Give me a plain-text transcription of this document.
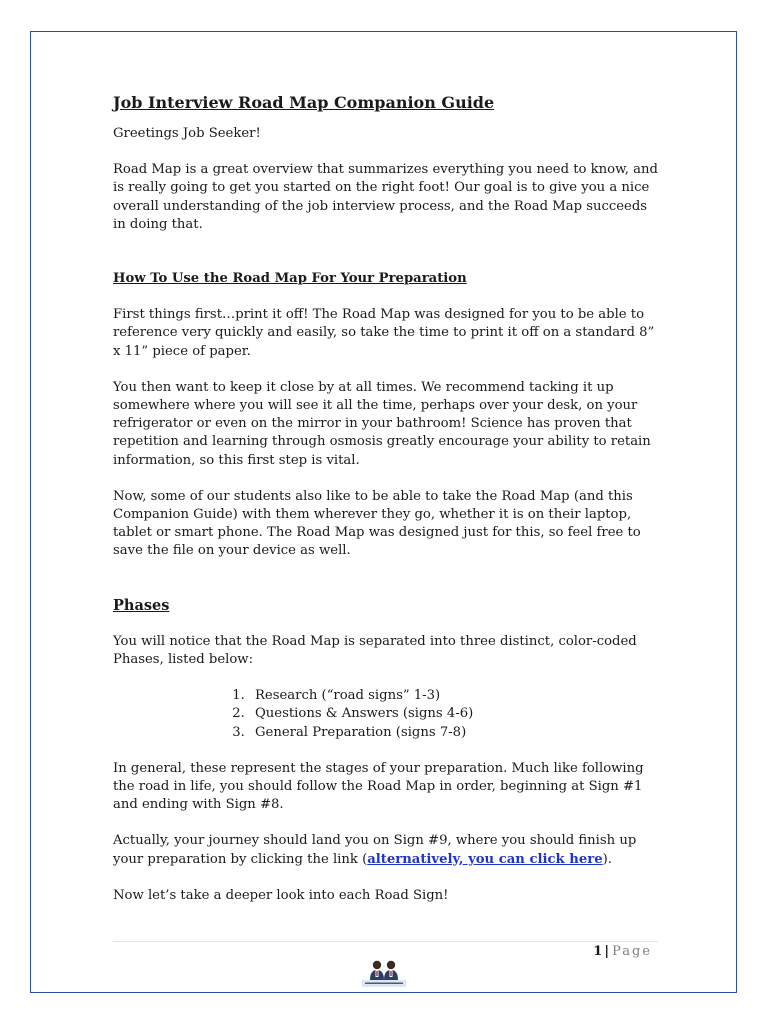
Job Interview Road Map Companion Guide
Greetings Job Seeker!
Road Map is a great overview that summarizes everything you need to know, and is really going to get you started on the right foot! Our goal is to give you a nice overall understanding of the job interview process, and the Road Map succeeds in doing that.
How To Use the Road Map For Your Preparation
First things first…print it off! The Road Map was designed for you to be able to reference very quickly and easily, so take the time to print it off on a standard 8” x 11” piece of paper.
You then want to keep it close by at all times. We recommend tacking it up somewhere where you will see it all the time, perhaps over your desk, on your refrigerator or even on the mirror in your bathroom! Science has proven that repetition and learning through osmosis greatly encourage your ability to retain information, so this first step is vital.
Now, some of our students also like to be able to take the Road Map (and this Companion Guide) with them wherever they go, whether it is on their laptop, tablet or smart phone. The Road Map was designed just for this, so feel free to save the file on your device as well.
Phases
You will notice that the Road Map is separated into three distinct, color-coded Phases, listed below:
1. Research (“road signs” 1-3)
2. Questions & Answers (signs 4-6)
3. General Preparation (signs 7-8)
In general, these represent the stages of your preparation. Much like following the road in life, you should follow the Road Map in order, beginning at Sign #1 and ending with Sign #8.
Actually, your journey should land you on Sign #9, where you should finish up your preparation by clicking the link (alternatively, you can click here).
Now let’s take a deeper look into each Road Sign!
1 | Page
